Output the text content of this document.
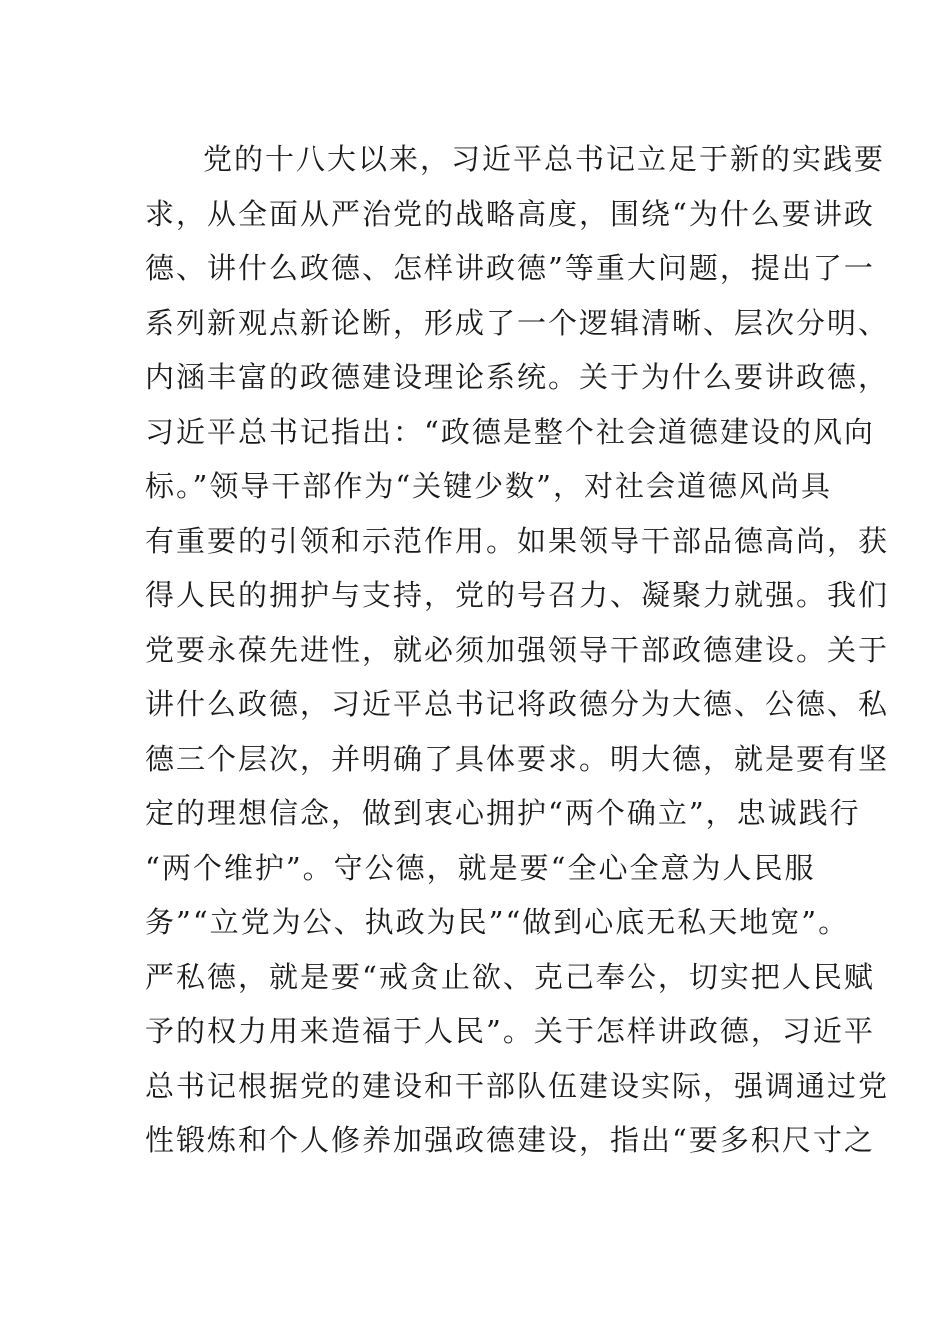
党的十八大以来，习近平总书记立足于新的实践要
求，从全面从严治党的战略高度，围绕“为什么要讲政
德、讲什么政德、怎样讲政德”等重大问题，提出了一
系列新观点新论断，形成了一个逻辑清晰、层次分明、
内涵丰富的政德建设理论系统。关于为什么要讲政德，
习近平总书记指出：“政德是整个社会道德建设的风向
标。”领导干部作为“关键少数”，对社会道德风尚具
有重要的引领和示范作用。如果领导干部品德高尚，获
得人民的拥护与支持，党的号召力、凝聚力就强。我们
党要永葆先进性，就必须加强领导干部政德建设。关于
讲什么政德，习近平总书记将政德分为大德、公德、私
德三个层次，并明确了具体要求。明大德，就是要有坚
定的理想信念，做到衷心拥护“两个确立”，忠诚践行
“两个维护”。守公德，就是要“全心全意为人民服
务”“立党为公、执政为民”“做到心底无私天地宽”。
严私德，就是要“戒贪止欲、克己奉公，切实把人民赋
予的权力用来造福于人民”。关于怎样讲政德，习近平
总书记根据党的建设和干部队伍建设实际，强调通过党
性锻炼和个人修养加强政德建设，指出“要多积尺寸之
